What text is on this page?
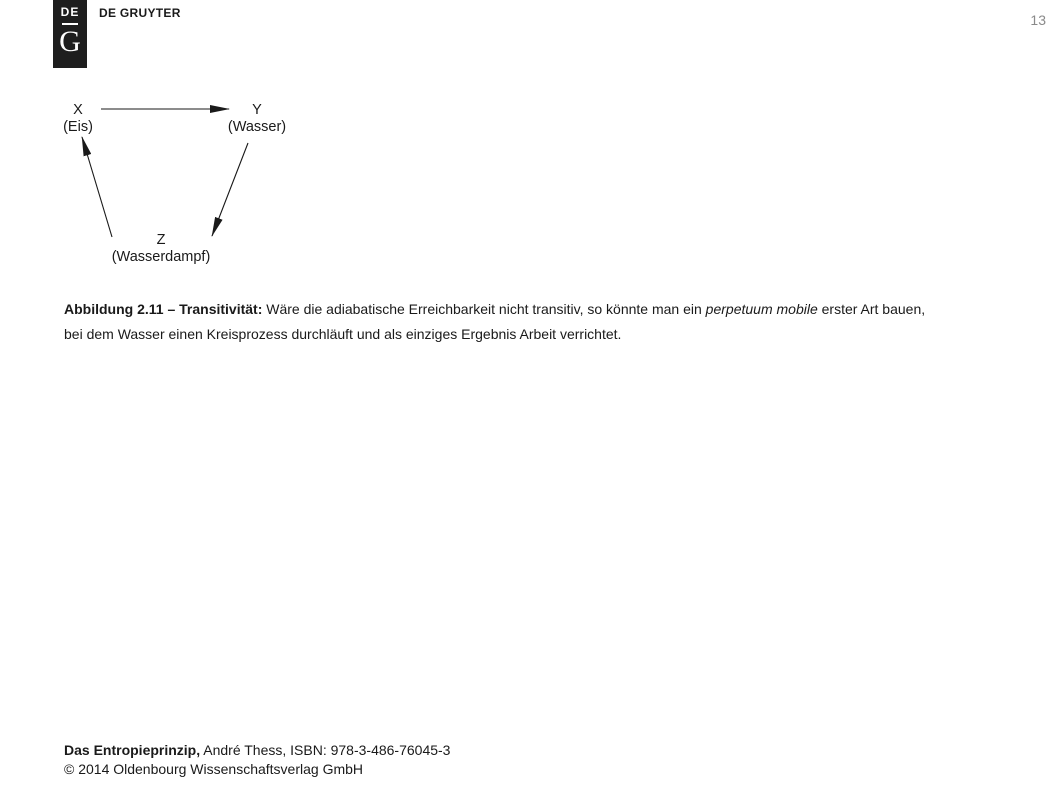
DE
G
DE GRUYTER	13
X
(Eis)
Y
(Wasser)
Z
(Wasserdampf)
Abbildung 2.11 – Transitivität: Wäre die adiabatische Erreichbarkeit nicht transitiv, so könnte man ein perpetuum mobile erster Art bauen, bei dem Wasser einen Kreisprozess durchläuft und als einziges Ergebnis Arbeit verrichtet.
Das Entropieprinzip, André Thess, ISBN: 978-3-486-76045-3
© 2014 Oldenbourg Wissenschaftsverlag GmbH
